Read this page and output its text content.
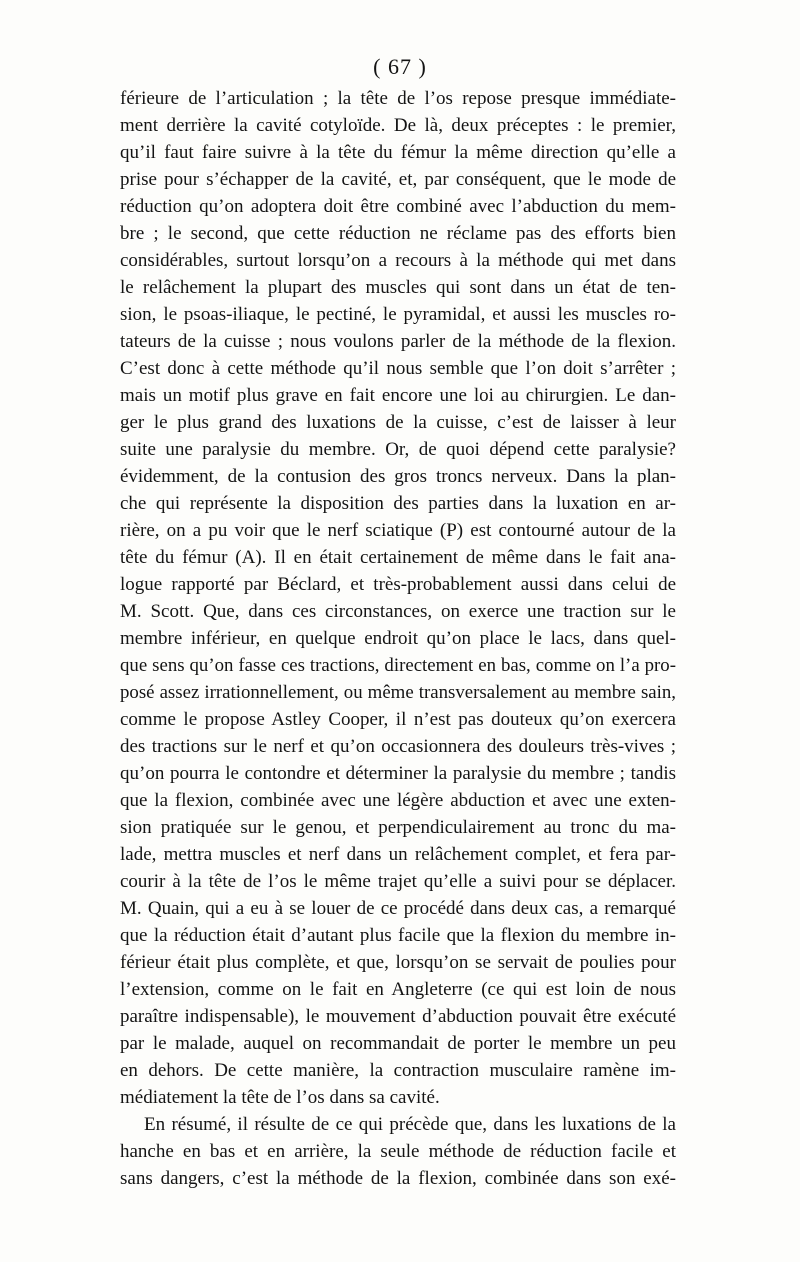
( 67 )
férieure de l’articulation ; la tête de l’os repose presque immédiate-
ment derrière la cavité cotyloïde. De là, deux préceptes : le premier,
qu’il faut faire suivre à la tête du fémur la même direction qu’elle a
prise pour s’échapper de la cavité, et, par conséquent, que le mode de
réduction qu’on adoptera doit être combiné avec l’abduction du mem-
bre ; le second, que cette réduction ne réclame pas des efforts bien
considérables, surtout lorsqu’on a recours à la méthode qui met dans
le relâchement la plupart des muscles qui sont dans un état de ten-
sion, le psoas-iliaque, le pectiné, le pyramidal, et aussi les muscles ro-
tateurs de la cuisse ; nous voulons parler de la méthode de la flexion.
C’est donc à cette méthode qu’il nous semble que l’on doit s’arrêter ;
mais un motif plus grave en fait encore une loi au chirurgien. Le dan-
ger le plus grand des luxations de la cuisse, c’est de laisser à leur
suite une paralysie du membre. Or, de quoi dépend cette paralysie?
évidemment, de la contusion des gros troncs nerveux. Dans la plan-
che qui représente la disposition des parties dans la luxation en ar-
rière, on a pu voir que le nerf sciatique (P) est contourné autour de la
tête du fémur (A). Il en était certainement de même dans le fait ana-
logue rapporté par Béclard, et très-probablement aussi dans celui de
M. Scott. Que, dans ces circonstances, on exerce une traction sur le
membre inférieur, en quelque endroit qu’on place le lacs, dans quel-
que sens qu’on fasse ces tractions, directement en bas, comme on l’a pro-
posé assez irrationnellement, ou même transversalement au membre sain,
comme le propose Astley Cooper, il n’est pas douteux qu’on exercera
des tractions sur le nerf et qu’on occasionnera des douleurs très-vives ;
qu’on pourra le contondre et déterminer la paralysie du membre ; tandis
que la flexion, combinée avec une légère abduction et avec une exten-
sion pratiquée sur le genou, et perpendiculairement au tronc du ma-
lade, mettra muscles et nerf dans un relâchement complet, et fera par-
courir à la tête de l’os le même trajet qu’elle a suivi pour se déplacer.
M. Quain, qui a eu à se louer de ce procédé dans deux cas, a remarqué
que la réduction était d’autant plus facile que la flexion du membre in-
férieur était plus complète, et que, lorsqu’on se servait de poulies pour
l’extension, comme on le fait en Angleterre (ce qui est loin de nous
paraître indispensable), le mouvement d’abduction pouvait être exécuté
par le malade, auquel on recommandait de porter le membre un peu
en dehors. De cette manière, la contraction musculaire ramène im-
médiatement la tête de l’os dans sa cavité.
En résumé, il résulte de ce qui précède que, dans les luxations de la
hanche en bas et en arrière, la seule méthode de réduction facile et
sans dangers, c’est la méthode de la flexion, combinée dans son exé-
